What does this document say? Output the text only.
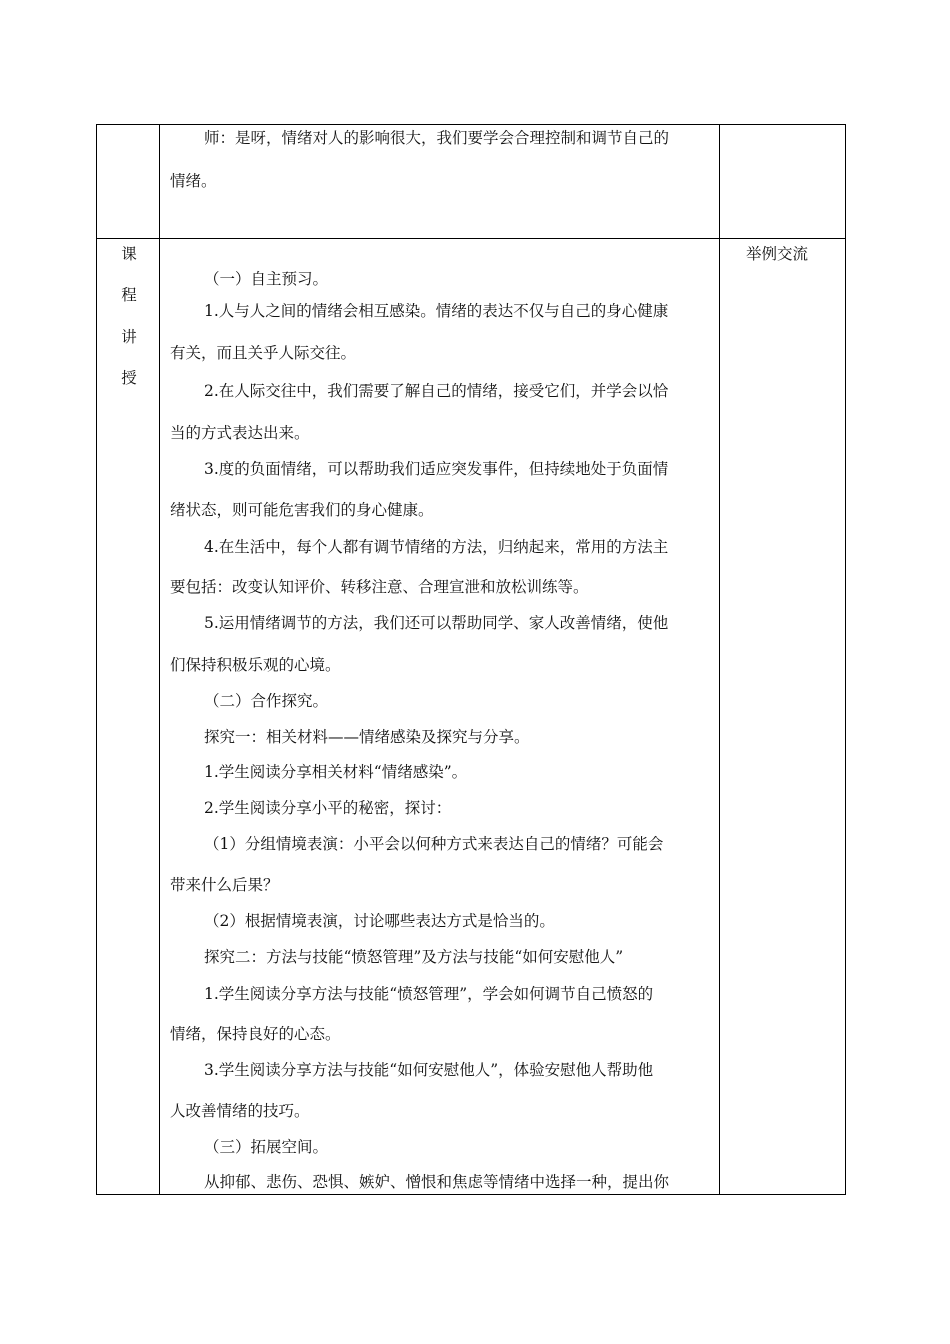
师：是呀，情绪对人的影响很大，我们要学会合理控制和调节自己的
情绪。
课
程
讲
授
举例交流
（一）自主预习。
1.人与人之间的情绪会相互感染。情绪的表达不仅与自己的身心健康
有关，而且关乎人际交往。
2.在人际交往中，我们需要了解自己的情绪，接受它们，并学会以恰
当的方式表达出来。
3.度的负面情绪，可以帮助我们适应突发事件，但持续地处于负面情
绪状态，则可能危害我们的身心健康。
4.在生活中，每个人都有调节情绪的方法，归纳起来，常用的方法主
要包括：改变认知评价、转移注意、合理宣泄和放松训练等。
5.运用情绪调节的方法，我们还可以帮助同学、家人改善情绪，使他
们保持积极乐观的心境。
（二）合作探究。
探究一：相关材料——情绪感染及探究与分享。
1.学生阅读分享相关材料“情绪感染”。
2.学生阅读分享小平的秘密，探讨：
（1）分组情境表演：小平会以何种方式来表达自己的情绪？可能会
带来什么后果？
（2）根据情境表演，讨论哪些表达方式是恰当的。
探究二：方法与技能“愤怒管理”及方法与技能“如何安慰他人”
1.学生阅读分享方法与技能“愤怒管理”，学会如何调节自己愤怒的
情绪，保持良好的心态。
3.学生阅读分享方法与技能“如何安慰他人”，体验安慰他人帮助他
人改善情绪的技巧。
（三）拓展空间。
从抑郁、悲伤、恐惧、嫉妒、憎恨和焦虑等情绪中选择一种，提出你
